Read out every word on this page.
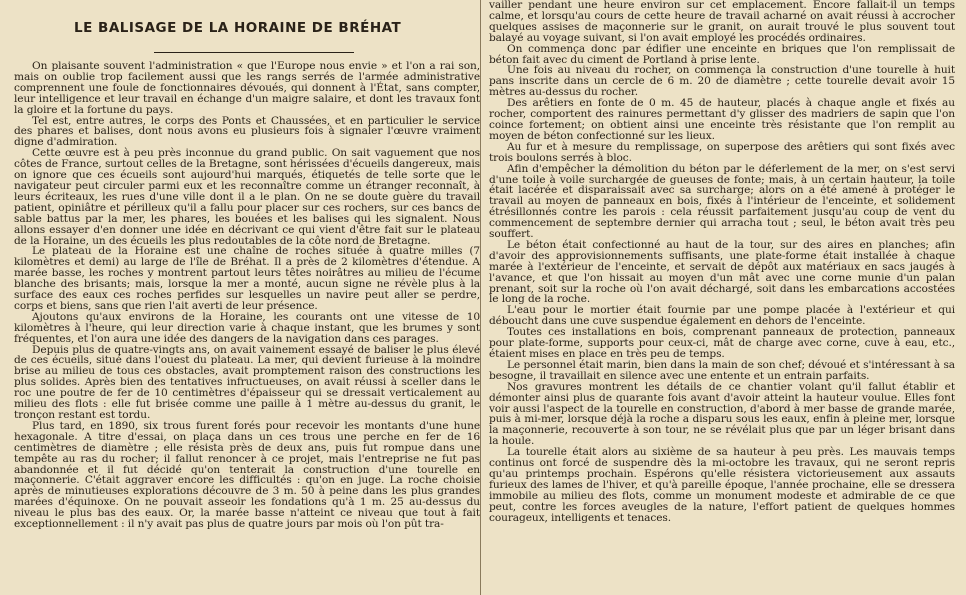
LE BALISAGE DE LA HORAINE DE BRÉHAT

On plaisante souvent l'administration « que l'Europe nous envie » et l'on a rai son, mais on oublie trop facilement aussi que les rangs serrés de l'armée administrative comprennent une foule de fonctionnaires dévoués, qui donnent à l'État, sans compter, leur intelligence et leur travail en échange d'un maigre salaire, et dont les travaux font la gloire et la fortune du pays.

Tel est, entre autres, le corps des Ponts et Chaussées, et en particulier le service des phares et balises, dont nous avons eu plusieurs fois à signaler l'œuvre vraiment digne d'admiration.

Cette œuvre est à peu près inconnue du grand public. On sait vaguement que nos côtes de France, surtout celles de la Bretagne, sont hérissées d'écueils dangereux, mais on ignore que ces écueils sont aujourd'hui marqués, étiquetés de telle sorte que le navigateur peut circuler parmi eux et les reconnaître comme un étranger reconnaît, à leurs écriteaux, les rues d'une ville dont il a le plan. On ne se doute guère du travail patient, opiniâtre et périlleux qu'il a fallu pour placer sur ces rochers, sur ces bancs de sable battus par la mer, les phares, les bouées et les balises qui les signalent. Nous allons essayer d'en donner une idée en décrivant ce qui vient d'être fait sur le plateau de la Horaine, un des écueils les plus redoutables de la côte nord de Bretagne.

Le plateau de la Horaine est une chaîne de roches située à quatre milles (7 kilomètres et demi) au large de l'île de Bréhat. Il a près de 2 kilomètres d'étendue. A marée basse, les roches y montrent partout leurs têtes noirâtres au milieu de l'écume blanche des brisants; mais, lorsque la mer a monté, aucun signe ne révèle plus à la surface des eaux ces roches perfides sur lesquelles un navire peut aller se perdre, corps et biens, sans que rien l'ait averti de leur présence.

Ajoutons qu'aux environs de la Horaine, les courants ont une vitesse de 10 kilomètres à l'heure, qui leur direction varie à chaque instant, que les brumes y sont fréquentes, et l'on aura une idée des dangers de la navigation dans ces parages.

Depuis plus de quatre-vingts ans, on avait vainement essayé de baliser le plus élevé de ces écueils, situé dans l'ouest du plateau. La mer, qui devient furieuse à la moindre brise au milieu de tous ces obstacles, avait promptement raison des constructions les plus solides. Après bien des tentatives infructueuses, on avait réussi à sceller dans le roc une poutre de fer de 10 centimètres d'épaisseur qui se dressait verticalement au milieu des flots : elle fut brisée comme une paille à 1 mètre au-dessus du granit, le tronçon restant est tordu.

Plus tard, en 1890, six trous furent forés pour recevoir les montants d'une hune hexagonale. A titre d'essai, on plaça dans un ces trous une perche en fer de 16 centimètres de diamètre ; elle résista près de deux ans, puis fut rompue dans une tempête au ras du rocher; il fallut renoncer à ce projet, mais l'entreprise ne fut pas abandonnée et il fut décidé qu'on tenterait la construction d'une tourelle en maçonnerie. C'était aggraver encore les difficultés : qu'on en juge. La roche choisie après de minutieuses explorations découvre de 3 m. 50 à peine dans les plus grandes marées d'équinoxe. On ne pouvait asseoir les fondations qu'à 1 m. 25 au-dessus du niveau le plus bas des eaux. Or, la marée basse n'atteint ce niveau que tout à fait exceptionnellement : il n'y avait pas plus de quatre jours par mois où l'on pût tra-

vailler pendant une heure environ sur cet emplacement. Encore fallait-il un temps calme, et lorsqu'au cours de cette heure de travail acharné on avait réussi à accrocher quelques assises de maçonnerie sur le granit, on aurait trouvé le plus souvent tout balayé au voyage suivant, si l'on avait employé les procédés ordinaires.

On commença donc par édifier une enceinte en briques que l'on remplissait de béton fait avec du ciment de Portland à prise lente.

Une fois au niveau du rocher, on commença la construction d'une tourelle à huit pans inscrite dans un cercle de 6 m. 20 de diamètre ; cette tourelle devait avoir 15 mètres au-dessus du rocher.

Des arêtiers en fonte de 0 m. 45 de hauteur, placés à chaque angle et fixés au rocher, comportent des rainures permettant d'y glisser des madriers de sapin que l'on coince fortement; on obtient ainsi une enceinte très résistante que l'on remplit au moyen de béton confectionné sur les lieux.

Au fur et à mesure du remplissage, on superpose des arêtiers qui sont fixés avec trois boulons serrés à bloc.

Afin d'empêcher la démolition du béton par le déferlement de la mer, on s'est servi d'une toile à voile surchargée de gueuses de fonte; mais, à un certain hauteur, la toile était lacérée et disparaissait avec sa surcharge; alors on a été amené à protéger le travail au moyen de panneaux en bois, fixés à l'intérieur de l'enceinte, et solidement étrésillonnés contre les parois : cela réussit parfaitement jusqu'au coup de vent du commencement de septembre dernier qui arracha tout ; seul, le béton avait très peu souffert.

Le béton était confectionné au haut de la tour, sur des aires en planches; afin d'avoir des approvisionnements suffisants, une plate-forme était installée à chaque marée à l'extérieur de l'enceinte, et servait de dépôt aux matériaux en sacs jaugés à l'avance, et que l'on hissait au moyen d'un mât avec une corne munie d'un palan prenant, soit sur la roche où l'on avait déchargé, soit dans les embarcations accostées le long de la roche.

L'eau pour le mortier était fournie par une pompe placée à l'extérieur et qui déboucht dans une cuve suspendue également en dehors de l'enceinte.

Toutes ces installations en bois, comprenant panneaux de protection, panneaux pour plate-forme, supports pour ceux-ci, mât de charge avec corne, cuve à eau, etc., étaient mises en place en très peu de temps.

Le personnel était marin, bien dans la main de son chef; dévoué et s'intéressant à sa besogne, il travaillait en silence avec une entente et un entrain parfaits.

Nos gravures montrent les détails de ce chantier volant qu'il fallut établir et démonter ainsi plus de quarante fois avant d'avoir atteint la hauteur voulue. Elles font voir aussi l'aspect de la tourelle en construction, d'abord à mer basse de grande marée, puis à mi-mer, lorsque déjà la roche a disparu sous les eaux, enfin à pleine mer, lorsque la maçonnerie, recouverte à son tour, ne se révélait plus que par un léger brisant dans la houle.

La tourelle était alors au sixième de sa hauteur à peu près. Les mauvais temps continus ont forcé de suspendre dès la mi-octobre les travaux, qui ne seront repris qu'au printemps prochain. Espérons qu'elle résistera victorieusement aux assauts furieux des lames de l'hiver, et qu'à pareille époque, l'année prochaine, elle se dressera immobile au milieu des flots, comme un monument modeste et admirable de ce que peut, contre les forces aveugles de la nature, l'effort patient de quelques hommes courageux, intelligents et tenaces.
